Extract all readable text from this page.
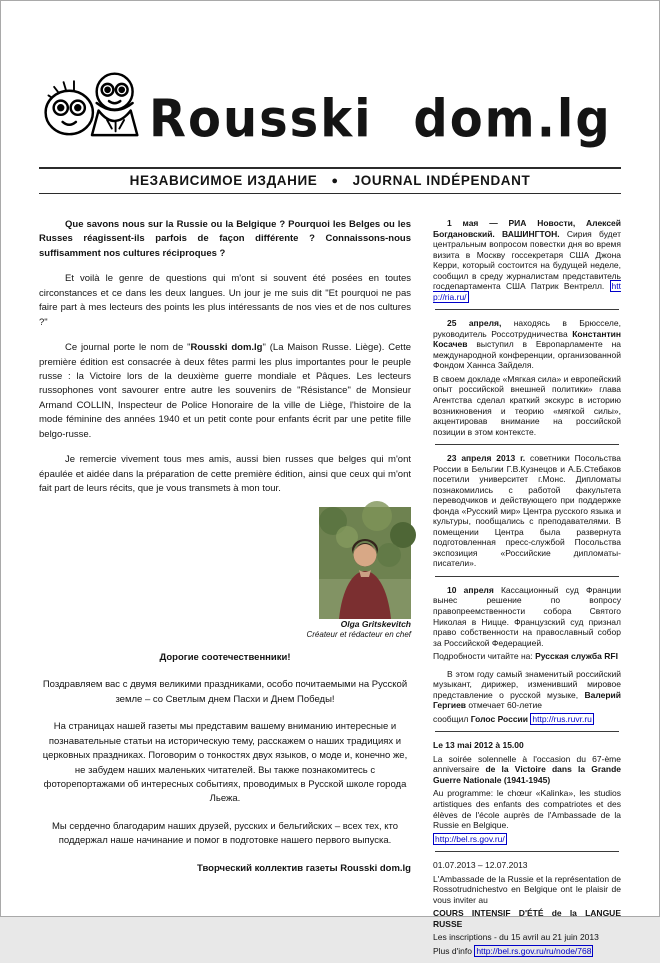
Rousski dom.lg
НЕЗАВИСИМОЕ ИЗДАНИЕ ● JOURNAL INDÉPENDANT

Que savons nous sur la Russie ou la Belgique ? Pourquoi les Belges ou les Russes réagissent-ils parfois de façon différente ? Connaissons-nous suffisamment nos cultures réciproques ?

Et voilà le genre de questions qui m'ont si souvent été posées en toutes circonstances et ce dans les deux langues. Un jour je me suis dit "Et pourquoi ne pas faire part à mes lecteurs des points les plus intéressants de nos vies et de nos cultures ?"

Ce journal porte le nom de "Rousski dom.lg" (La Maison Russe. Liège). Cette première édition est consacrée à deux fêtes parmi les plus importantes pour le peuple russe : la Victoire lors de la deuxième guerre mondiale et Pâques. Les lecteurs russophones vont savourer entre autre les souvenirs de "Résistance" de Monsieur Armand COLLIN, Inspecteur de Police Honoraire de la ville de Liège, l'histoire de la mode féminine des années 1940 et un petit conte pour enfants écrit par une petite fille belgo-russe.

Je remercie vivement tous mes amis, aussi bien russes que belges qui m'ont épaulée et aidée dans la préparation de cette première édition, ainsi que ceux qui m'ont fait part de leurs récits, que je vous transmets à mon tour.

Olga Gritskevitch
Créateur et rédacteur en chef

Дорогие соотечественники!

Поздравляем вас с двумя великими праздниками, особо почитаемыми на Русской земле – со Светлым днем Пасхи и Днем Победы!

На страницах нашей газеты мы представим вашему вниманию интересные и познавательные статьи на историческую тему, расскажем о наших традициях и церковных праздниках. Поговорим о тонкостях двух языков, о моде и, конечно же, не забудем наших маленьких читателей. Вы также познакомитесь с фоторепортажами об интересных событиях, проводимых в Русской школе города Льежа.

Мы сердечно благодарим наших друзей, русских и бельгийских – всех тех, кто поддержал наше начинание и помог в подготовке нашего первого выпуска.

Творческий коллектив газеты Rousski dom.lg

1 мая — РИА Новости, Алексей Богдановский. ВАШИНГТОН. Сирия будет центральным вопросом повестки дня во время визита в Москву госсекретаря США Джона Керри, который состоится на будущей неделе, сообщил в среду журналистам представитель госдепартамента США Патрик Вентрелл. http://ria.ru/

25 апреля, находясь в Брюсселе, руководитель Россотрудничества Константин Косачев выступил в Европарламенте на международной конференции, организованной Фондом Ханнса Зайделя.

В своем докладе «Мягкая сила» и европейский опыт российской внешней политики» глава Агентства сделал краткий экскурс в историю возникновения и теорию «мягкой силы», акцентировав внимание на российской позиции в этом контексте.

23 апреля 2013 г. советники Посольства России в Бельгии Г.В.Кузнецов и А.Б.Стебаков посетили университет г.Монс. Дипломаты познакомились с работой факультета переводчиков и действующего при поддержке фонда «Русский мир» Центра русского языка и культуры, пообщались с преподавателями. В помещении Центра была развернута подготовленная пресс-службой Посольства экспозиция «Российские дипломаты-писатели».

10 апреля Кассационный суд Франции вынес решение по вопросу правопреемственности собора Святого Николая в Ницце. Французский суд признал право собственности на православный собор за Российской Федерацией.

Подробности читайте на: Русская служба RFI

В этом году самый знаменитый российский музыкант, дирижер, изменивший мировое представление о русской музыке, Валерий Гергиев отмечает 60-летие

сообщил Голос России http://rus.ruvr.ru

Le 13 mai 2012 à 15.00

La soirée solennelle à l'occasion du 67-ème anniversaire de la Victoire dans la Grande Guerre Nationale (1941-1945)

Au programme: le chœur «Kalinka», les studios artistiques des enfants des compatriotes et des élèves de l'école auprès de l'Ambassade de la Russie en Belgique.

http://bel.rs.gov.ru/

01.07.2013 – 12.07.2013

L'Ambassade de la Russie et la représentation de Rossotrudnichestvo en Belgique ont le plaisir de vous inviter au

COURS INTENSIF D'ÉTÉ de la LANGUE RUSSE

Les inscriptions - du 15 avril au 21 juin 2013

Plus d'info http://bel.rs.gov.ru/ru/node/768
